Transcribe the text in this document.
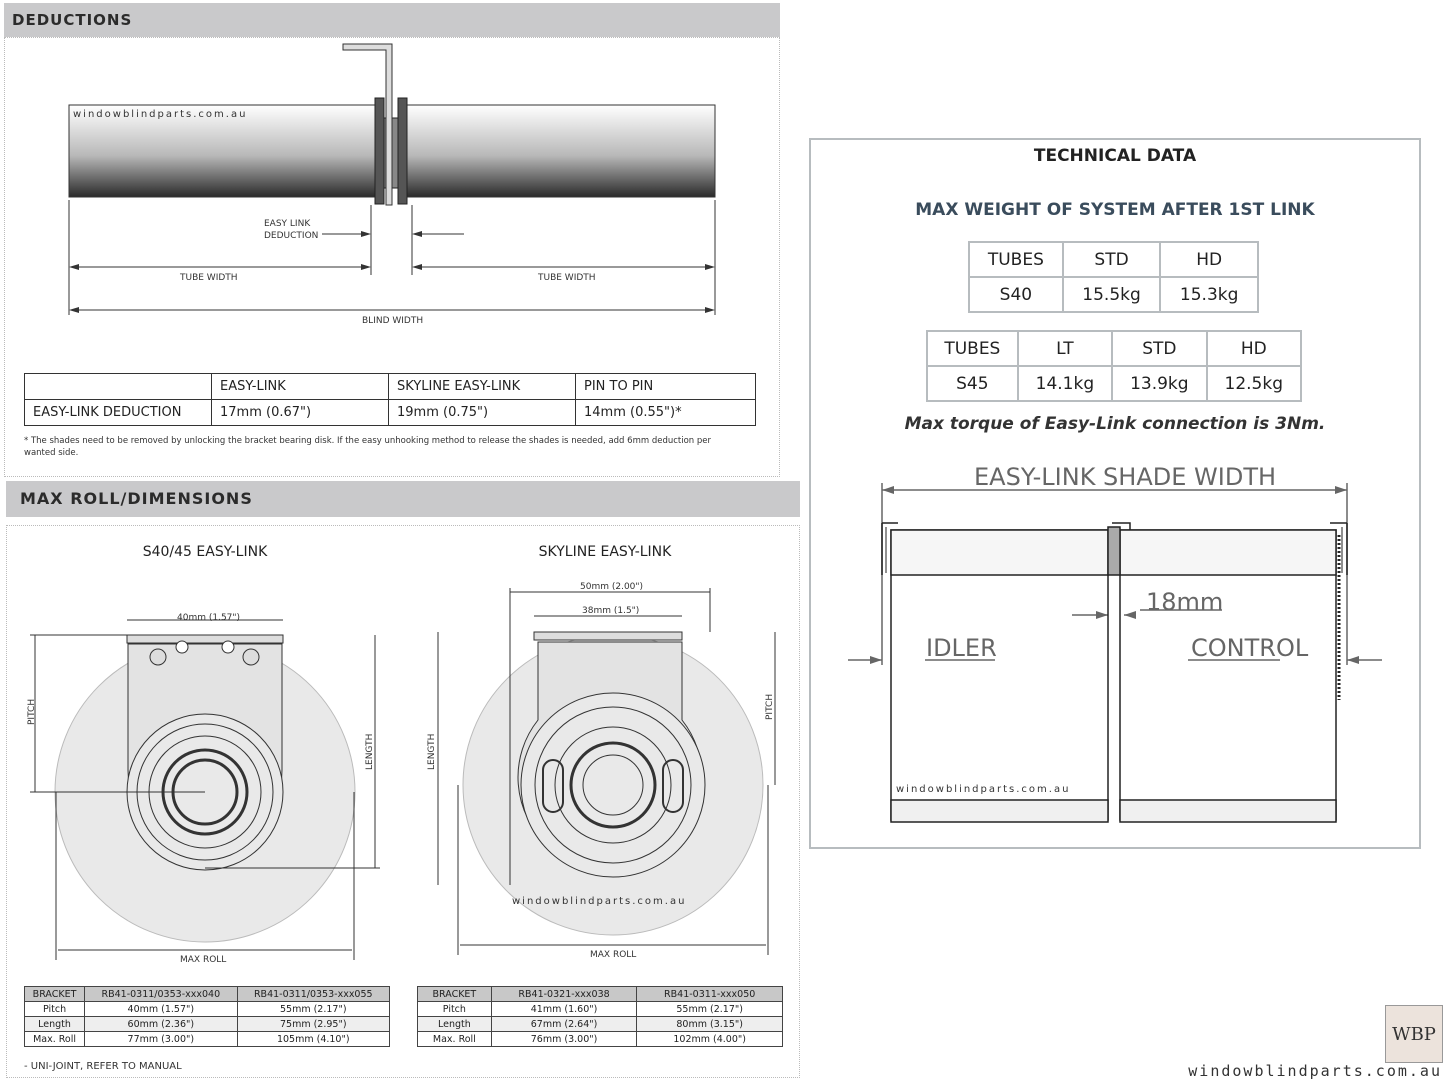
DEDUCTIONS
windowblindparts.com.au
EASY LINK
DEDUCTION
TUBE WIDTH	TUBE WIDTH
BLIND WIDTH
	EASY-LINK	SKYLINE EASY-LINK	PIN TO PIN
EASY-LINK DEDUCTION	17mm (0.67")	19mm (0.75")	14mm (0.55")*
* The shades need to be removed by unlocking the bracket bearing disk. If the easy unhooking method to release the shades is needed, add 6mm deduction per wanted side.
MAX ROLL/DIMENSIONS
S40/45 EASY-LINK	SKYLINE EASY-LINK
40mm (1.57")
PITCH
LENGTH
MAX ROLL
50mm (2.00")
38mm (1.5")
LENGTH
PITCH
windowblindparts.com.au
MAX ROLL
BRACKET	RB41-0311/0353-xxx040	RB41-0311/0353-xxx055
Pitch	40mm (1.57")	55mm (2.17")
Length	60mm (2.36")	75mm (2.95")
Max. Roll	77mm (3.00")	105mm (4.10")
- UNI-JOINT, REFER TO MANUAL
BRACKET	RB41-0321-xxx038	RB41-0311-xxx050
Pitch	41mm (1.60")	55mm (2.17")
Length	67mm (2.64")	80mm (3.15")
Max. Roll	76mm (3.00")	102mm (4.00")
TECHNICAL DATA
MAX WEIGHT OF SYSTEM AFTER 1ST LINK
TUBES	STD	HD
S40	15.5kg	15.3kg
TUBES	LT	STD	HD
S45	14.1kg	13.9kg	12.5kg
Max torque of Easy-Link connection is 3Nm.
EASY-LINK SHADE WIDTH
18mm
IDLER	CONTROL
windowblindparts.com.au
WBP
windowblindparts.com.au
